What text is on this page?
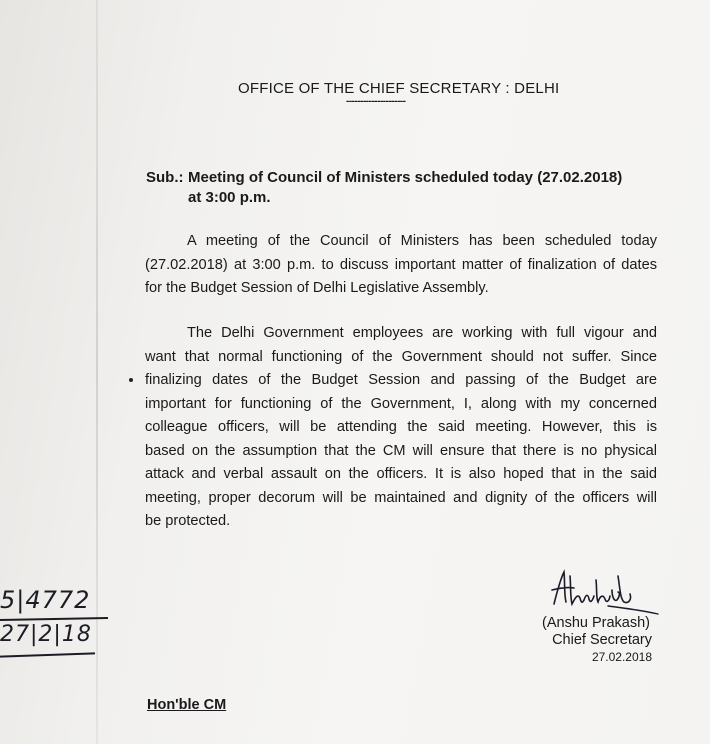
OFFICE OF THE CHIEF SECRETARY : DELHI
---------------------
Sub.: Meeting of Council of Ministers scheduled today (27.02.2018)
at 3:00 p.m.
A meeting of the Council of Ministers has been scheduled today
(27.02.2018) at 3:00 p.m. to discuss important matter of finalization of dates
for the Budget Session of Delhi Legislative Assembly.
The Delhi Government employees are working with full vigour and
want that normal functioning of the Government should not suffer. Since
finalizing dates of the Budget Session and passing of the Budget are
important for functioning of the Government, I, along with my concerned
colleague officers, will be attending the said meeting. However, this is
based on the assumption that the CM will ensure that there is no physical
attack and verbal assault on the officers. It is also hoped that in the said
meeting, proper decorum will be maintained and dignity of the officers will
be protected.
(Anshu Prakash)
Chief Secretary
27.02.2018
5|4772
27|2|18
Hon'ble CM
